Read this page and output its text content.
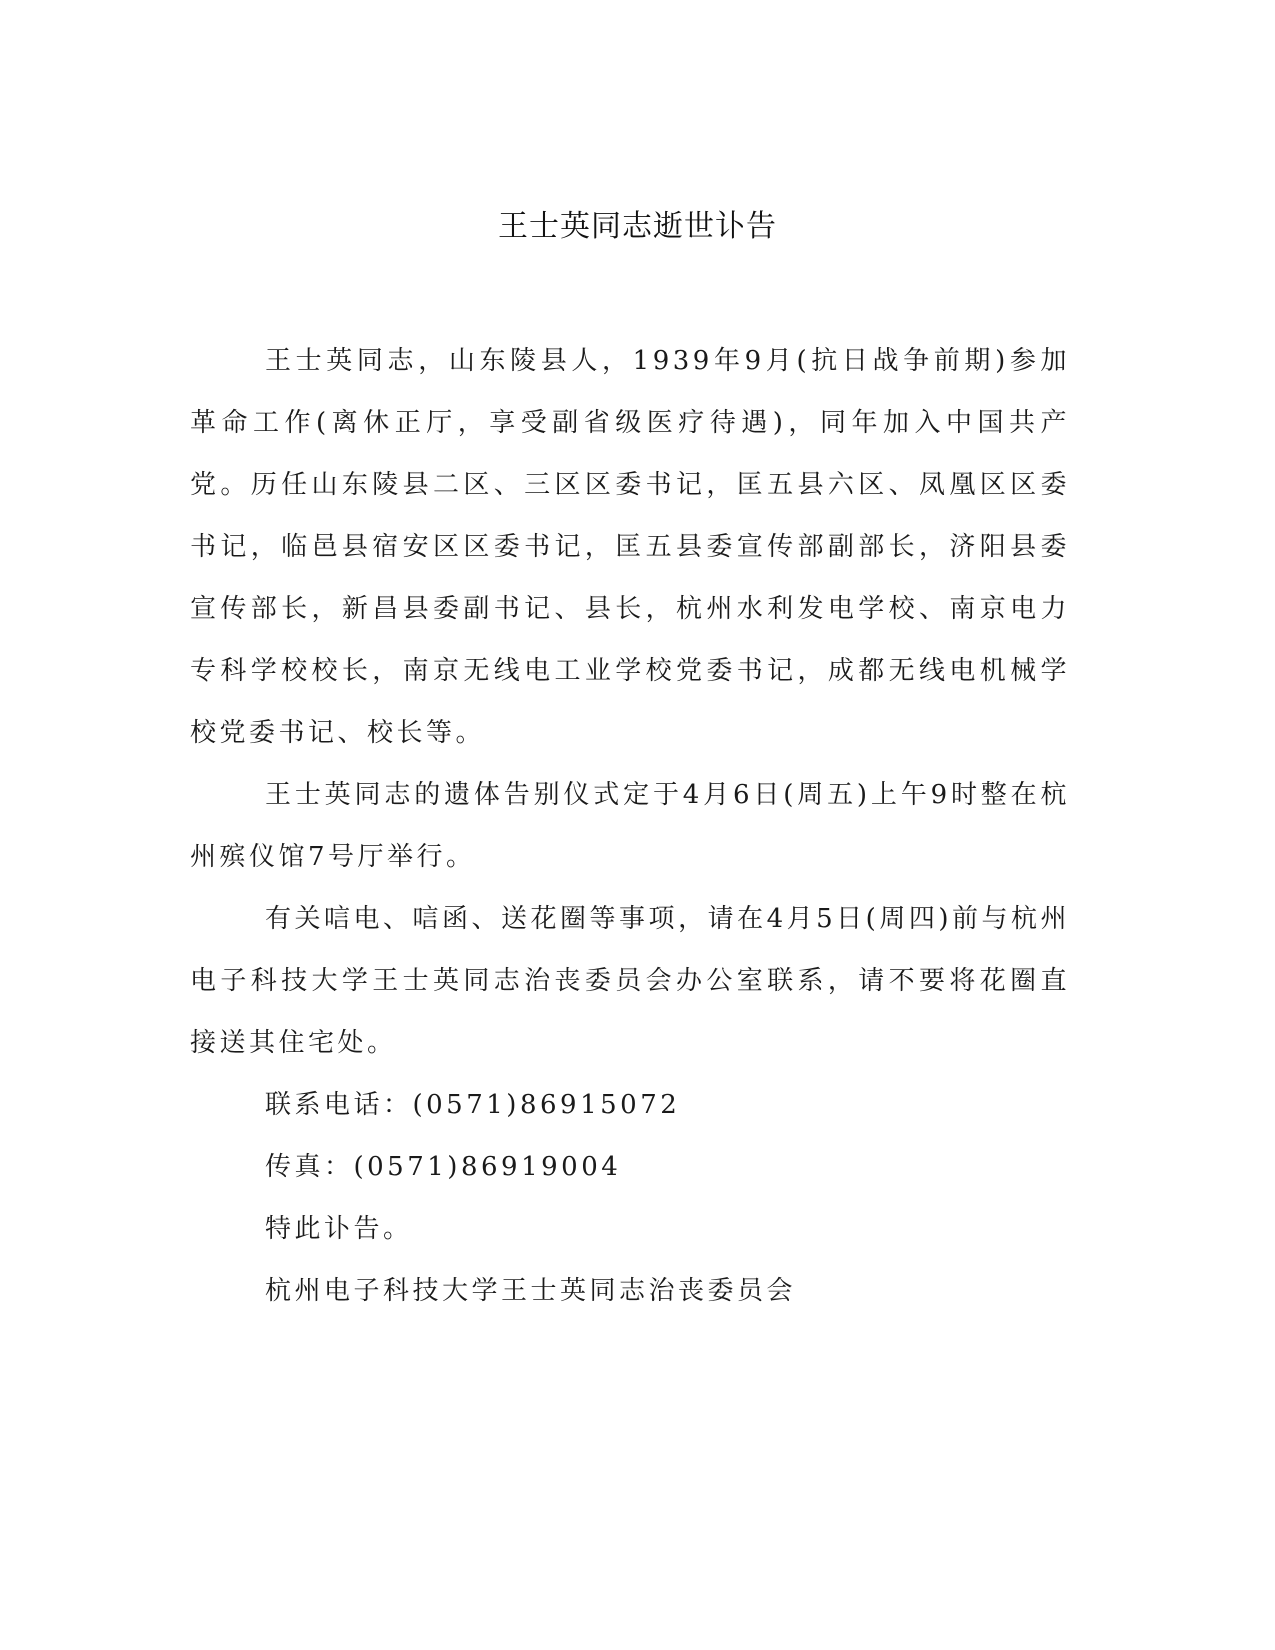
王士英同志逝世讣告

王士英同志，山东陵县人，1939年9月(抗日战争前期)参加革命工作(离休正厅，享受副省级医疗待遇)，同年加入中国共产党。历任山东陵县二区、三区区委书记，匡五县六区、凤凰区区委书记，临邑县宿安区区委书记，匡五县委宣传部副部长，济阳县委宣传部长，新昌县委副书记、县长，杭州水利发电学校、南京电力专科学校校长，南京无线电工业学校党委书记，成都无线电机械学校党委书记、校长等。

王士英同志的遗体告别仪式定于4月6日(周五)上午9时整在杭州殡仪馆7号厅举行。

有关唁电、唁函、送花圈等事项，请在4月5日(周四)前与杭州电子科技大学王士英同志治丧委员会办公室联系，请不要将花圈直接送其住宅处。

联系电话：(0571)86915072

传真：(0571)86919004

特此讣告。

杭州电子科技大学王士英同志治丧委员会
